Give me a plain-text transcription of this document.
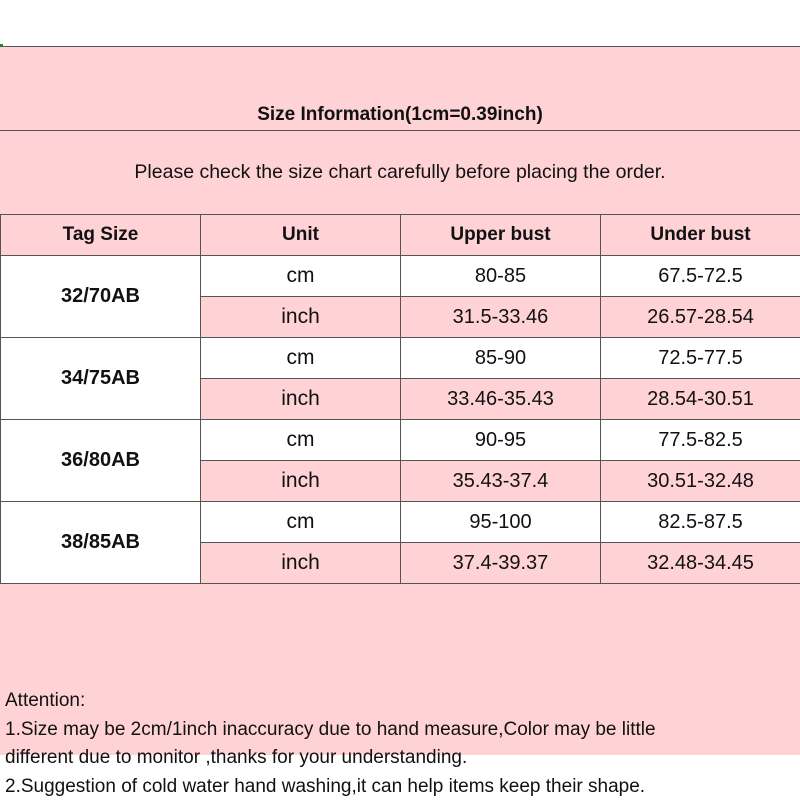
Size Information(1cm=0.39inch)
Please check the size chart carefully before placing the order.
Tag Size	Unit	Upper bust	Under bust
32/70AB	cm	80-85	67.5-72.5
	inch	31.5-33.46	26.57-28.54
34/75AB	cm	85-90	72.5-77.5
	inch	33.46-35.43	28.54-30.51
36/80AB	cm	90-95	77.5-82.5
	inch	35.43-37.4	30.51-32.48
38/85AB	cm	95-100	82.5-87.5
	inch	37.4-39.37	32.48-34.45
Attention:
1.Size may be 2cm/1inch inaccuracy due to hand measure,Color may be little
different due to monitor ,thanks for your understanding.
2.Suggestion of cold water hand washing,it can help items keep their shape.
